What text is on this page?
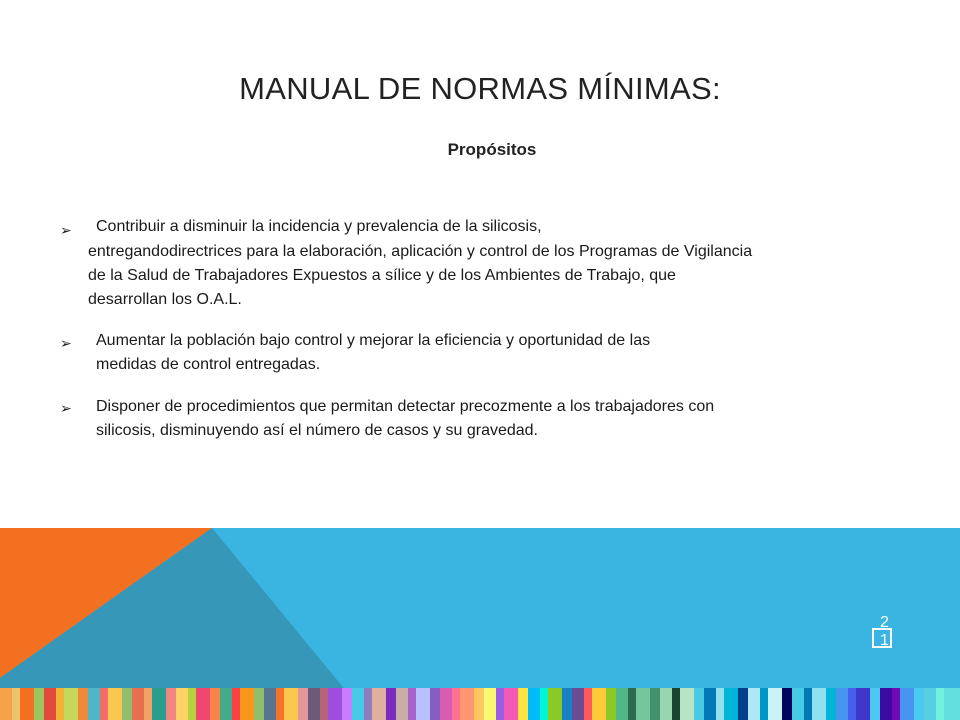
MANUAL DE NORMAS MÍNIMAS:
Propósitos
➢ Contribuir a disminuir la incidencia y prevalencia de la silicosis,
entregandodirectrices para la elaboración, aplicación y control de los Programas de Vigilancia
de la Salud de Trabajadores Expuestos a sílice y de los Ambientes de Trabajo, que
desarrollan los O.A.L.
➢ Aumentar la población bajo control y mejorar la eficiencia y oportunidad de las
medidas de control entregadas.
➢ Disponer de procedimientos que permitan detectar precozmente a los trabajadores con
silicosis, disminuyendo así el número de casos y su gravedad.
2
1
